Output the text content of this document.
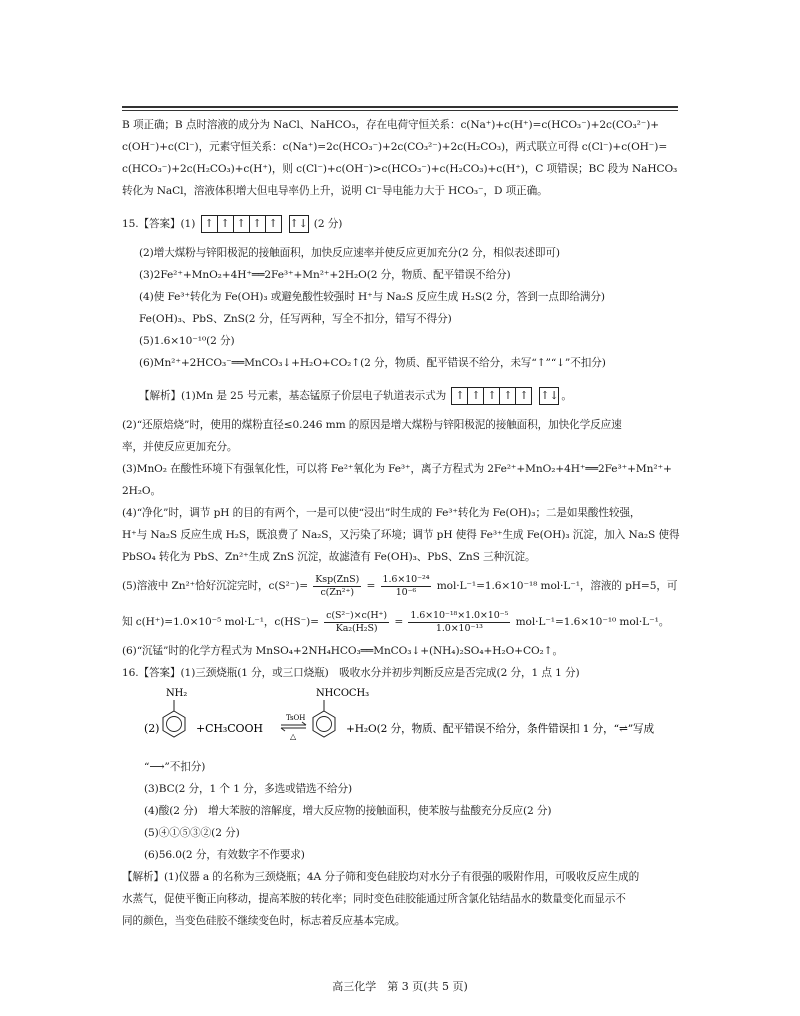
B 项正确；B 点时溶液的成分为 NaCl、NaHCO₃，存在电荷守恒关系：c(Na⁺)+c(H⁺)=c(HCO₃⁻)+2c(CO₃²⁻)+
c(OH⁻)+c(Cl⁻)，元素守恒关系：c(Na⁺)=2c(HCO₃⁻)+2c(CO₃²⁻)+2c(H₂CO₃)，两式联立可得 c(Cl⁻)+c(OH⁻)=
c(HCO₃⁻)+2c(H₂CO₃)+c(H⁺)，则 c(Cl⁻)+c(OH⁻)>c(HCO₃⁻)+c(H₂CO₃)+c(H⁺)，C 项错误；BC 段为 NaHCO₃
转化为 NaCl，溶液体积增大但电导率仍上升，说明 Cl⁻导电能力大于 HCO₃⁻，D 项正确。
15.【答案】(1) ↑ ↑ ↑ ↑ ↑ ↑↓ (2 分)
(2)增大煤粉与锌阳极泥的接触面积，加快反应速率并使反应更加充分(2 分，相似表述即可)
(3)2Fe²⁺+MnO₂+4H⁺══2Fe³⁺+Mn²⁺+2H₂O(2 分，物质、配平错误不给分)
(4)使 Fe³⁺转化为 Fe(OH)₃ 或避免酸性较强时 H⁺与 Na₂S 反应生成 H₂S(2 分，答到一点即给满分)
Fe(OH)₃、PbS、ZnS(2 分，任写两种，写全不扣分，错写不得分)
(5)1.6×10⁻¹⁰(2 分)
(6)Mn²⁺+2HCO₃⁻══MnCO₃↓+H₂O+CO₂↑(2 分，物质、配平错误不给分，未写“↑”“↓”不扣分)
【解析】(1)Mn 是 25 号元素，基态锰原子价层电子轨道表示式为 ↑ ↑ ↑ ↑ ↑ ↑↓ 。
(2)“还原焙烧”时，使用的煤粉直径≤0.246 mm 的原因是增大煤粉与锌阳极泥的接触面积，加快化学反应速
率，并使反应更加充分。
(3)MnO₂ 在酸性环境下有强氧化性，可以将 Fe²⁺氧化为 Fe³⁺，离子方程式为 2Fe²⁺+MnO₂+4H⁺══2Fe³⁺+Mn²⁺+
2H₂O。
(4)“净化”时，调节 pH 的目的有两个，一是可以使“浸出”时生成的 Fe³⁺转化为 Fe(OH)₃；二是如果酸性较强，
H⁺与 Na₂S 反应生成 H₂S，既浪费了 Na₂S，又污染了环境；调节 pH 使得 Fe³⁺生成 Fe(OH)₃ 沉淀，加入 Na₂S 使得
PbSO₄ 转化为 PbS、Zn²⁺生成 ZnS 沉淀，故滤渣有 Fe(OH)₃、PbS、ZnS 三种沉淀。
(5)溶液中 Zn²⁺恰好沉淀完时，$c(S^{2-})= \frac{\text{Ksp(ZnS)}}{\text{c(Zn²⁺)}} = \frac{\text{1.6×10⁻²⁴}}{\text{10⁻⁶}} mol\cdot L^{-1}=1.6\times 10^{-18}$ mol·L⁻¹，溶液的 pH=5，可
知 c(H⁺)=1.0×10⁻⁵ mol·L⁻¹，$c(HS^-)= \frac{\text{c(S²⁻)×c(H⁺)}}{\text{Ka₂(H₂S)}} = \frac{\text{1.6×10⁻¹⁸×1.0×10⁻⁵}}{\text{1.0×10⁻¹³}} mol\cdot L^{-1}=1.6\times 10^{-10}$ mol·L⁻¹。
(6)“沉锰”时的化学方程式为 MnSO₄+2NH₄HCO₃══MnCO₃↓+(NH₄)₂SO₄+H₂O+CO₂↑。
16.【答案】(1)三颈烧瓶(1 分，或三口烧瓶)　吸收水分并初步判断反应是否完成(2 分，1 点 1 分)
(2)
NH₂
+CH₃COOH
TsOH
△
NHCOCH₃
+H₂O(2 分，物质、配平错误不给分，条件错误扣 1 分，“⇌”写成
“⟶”不扣分)
(3)BC(2 分，1 个 1 分，多选或错选不给分)
(4)酸(2 分)　增大苯胺的溶解度，增大反应物的接触面积，使苯胺与盐酸充分反应(2 分)
(5)④①⑤③②(2 分)
(6)56.0(2 分，有效数字不作要求)
【解析】(1)仪器 a 的名称为三颈烧瓶；4A 分子筛和变色硅胶均对水分子有很强的吸附作用，可吸收反应生成的
水蒸气，促使平衡正向移动，提高苯胺的转化率；同时变色硅胶能通过所含氯化钴结晶水的数量变化而显示不
同的颜色，当变色硅胶不继续变色时，标志着反应基本完成。
高三化学　第 3 页(共 5 页)
